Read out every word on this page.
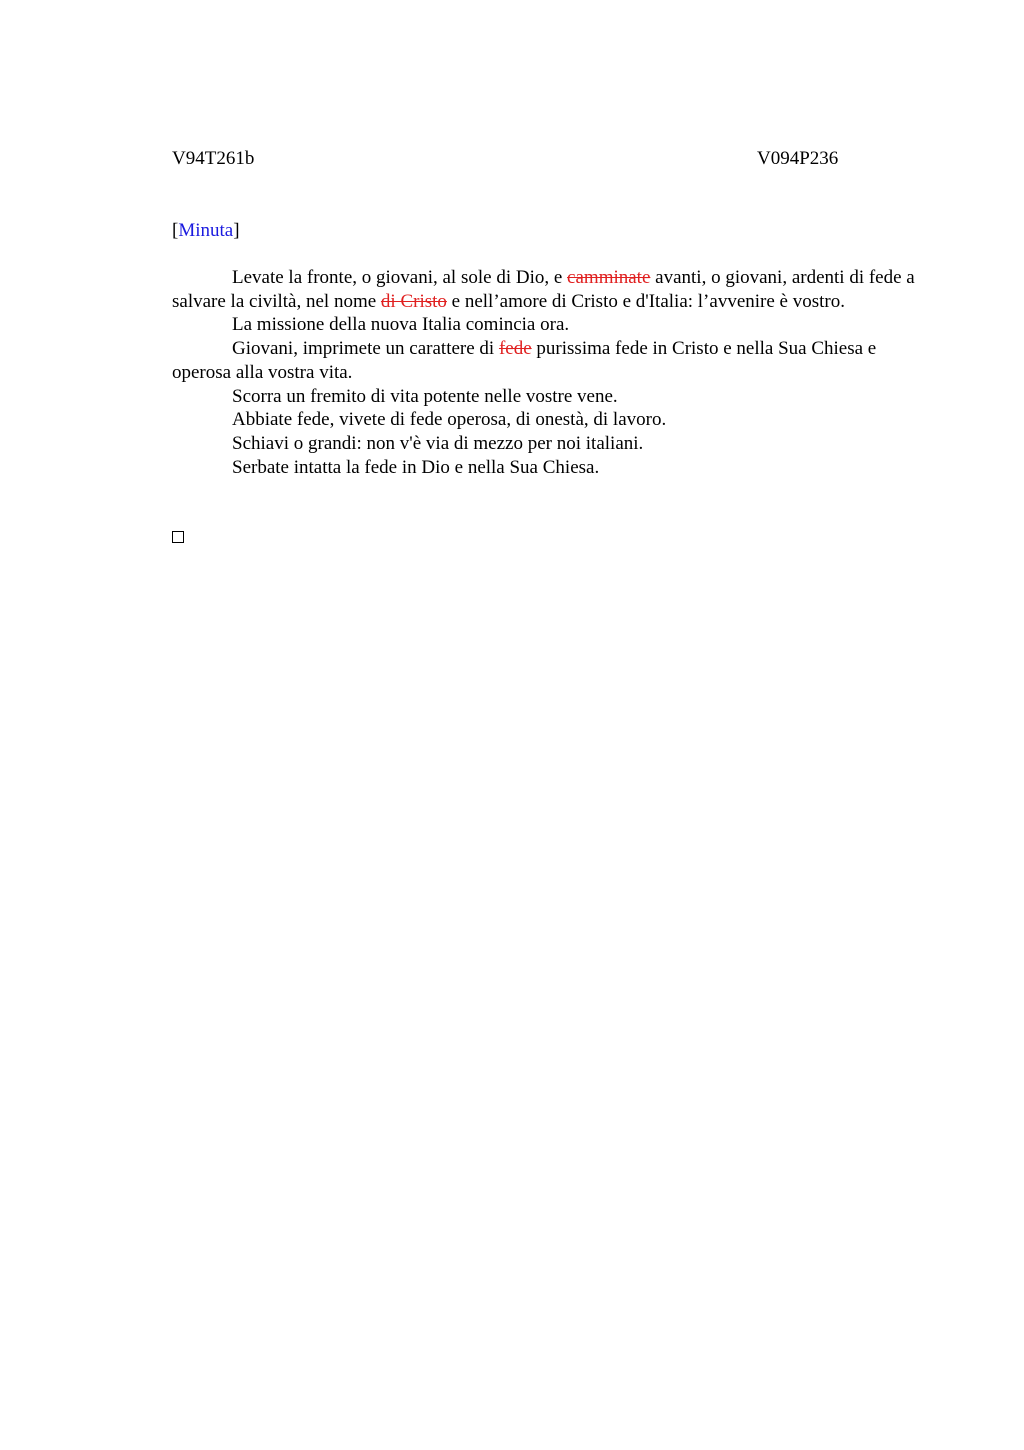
V94T261b	V094P236
[Minuta]

Levate la fronte, o giovani, al sole di Dio, e camminate avanti, o giovani, ardenti di fede a salvare la civiltà, nel nome di Cristo e nell’amore di Cristo e d'Italia: l’avvenire è vostro.

La missione della nuova Italia comincia ora.

Giovani, imprimete un carattere di fede purissima fede in Cristo e nella Sua Chiesa e operosa alla vostra vita.

Scorra un fremito di vita potente nelle vostre vene.

Abbiate fede, vivete di fede operosa, di onestà, di lavoro.

Schiavi o grandi: non v'è via di mezzo per noi italiani.

Serbate intatta la fede in Dio e nella Sua Chiesa.
